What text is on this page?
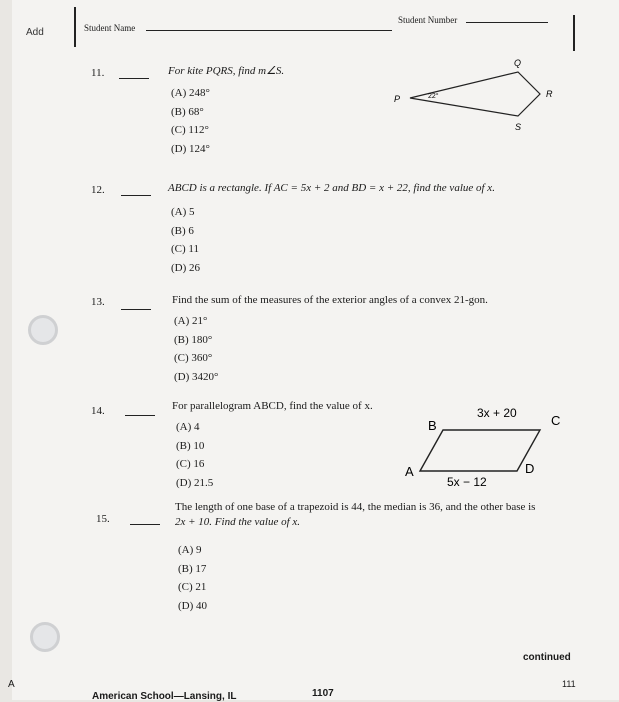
Add	Student Name
Student Number
11.	For kite PQRS, find m∠S.
(A) 248°
(B) 68°
(C) 112°
(D) 124°
P
Q
R
S
22°
12.	ABCD is a rectangle. If AC = 5x + 2 and BD = x + 22, find the value of x.
(A) 5
(B) 6
(C) 11
(D) 26
13.	Find the sum of the measures of the exterior angles of a convex 21-gon.
(A) 21°
(B) 180°
(C) 360°
(D) 3420°
14.	For parallelogram ABCD, find the value of x.
(A) 4
(B) 10
(C) 16
(D) 21.5
A
B	C
D
3x + 20
5x − 12
15.
The length of one base of a trapezoid is 44, the median is 36, and the other base is
2x + 10. Find the value of x.
(A) 9
(B) 17
(C) 21
(D) 40
continued
111
American School—Lansing, IL	1107
A
